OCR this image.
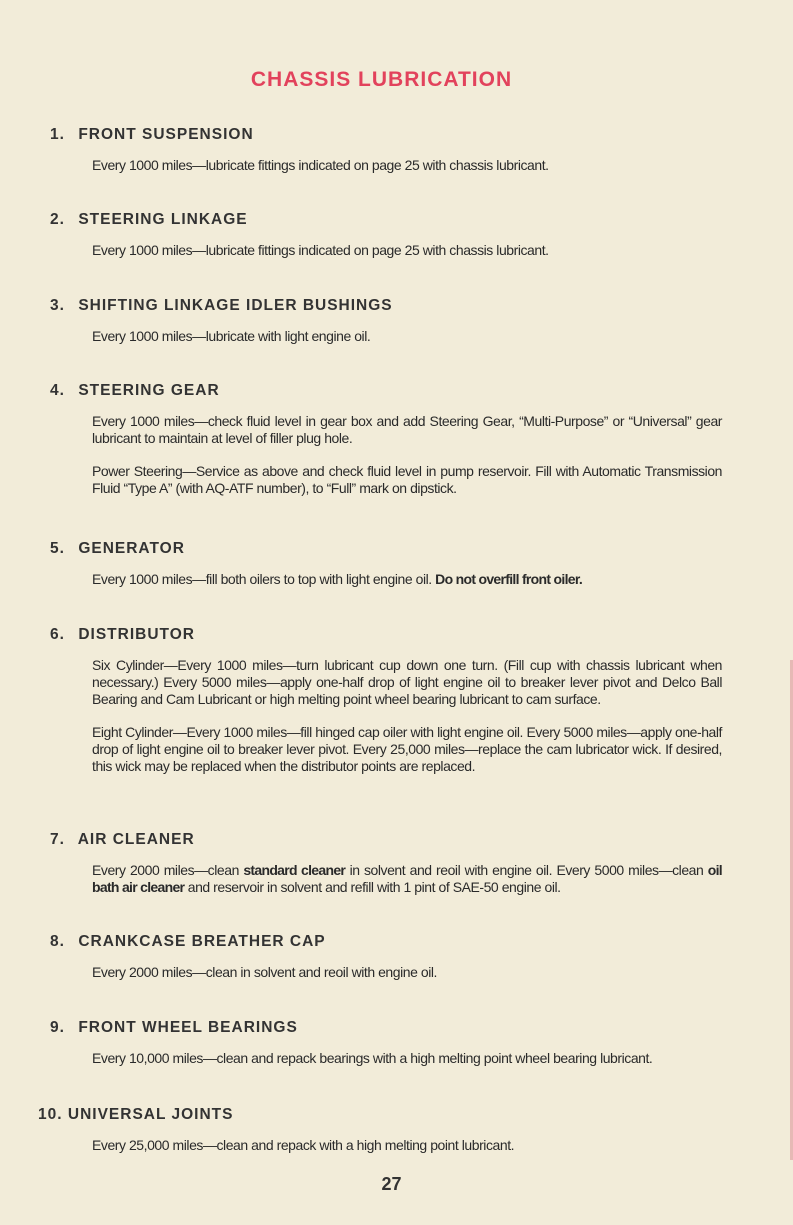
CHASSIS LUBRICATION
1. FRONT SUSPENSION
Every 1000 miles—lubricate fittings indicated on page 25 with chassis lubricant.
2. STEERING LINKAGE
Every 1000 miles—lubricate fittings indicated on page 25 with chassis lubricant.
3. SHIFTING LINKAGE IDLER BUSHINGS
Every 1000 miles—lubricate with light engine oil.
4. STEERING GEAR
Every 1000 miles—check fluid level in gear box and add Steering Gear, “Multi-Purpose” or “Universal” gear lubricant to maintain at level of filler plug hole.
Power Steering—Service as above and check fluid level in pump reservoir. Fill with Automatic Transmission Fluid “Type A” (with AQ-ATF number), to “Full” mark on dipstick.
5. GENERATOR
Every 1000 miles—fill both oilers to top with light engine oil. Do not overfill front oiler.
6. DISTRIBUTOR
Six Cylinder—Every 1000 miles—turn lubricant cup down one turn. (Fill cup with chassis lubricant when necessary.) Every 5000 miles—apply one-half drop of light engine oil to breaker lever pivot and Delco Ball Bearing and Cam Lubricant or high melting point wheel bearing lubricant to cam surface.
Eight Cylinder—Every 1000 miles—fill hinged cap oiler with light engine oil. Every 5000 miles—apply one-half drop of light engine oil to breaker lever pivot. Every 25,000 miles—replace the cam lubricator wick. If desired, this wick may be replaced when the distributor points are replaced.
7. AIR CLEANER
Every 2000 miles—clean standard cleaner in solvent and reoil with engine oil. Every 5000 miles—clean oil bath air cleaner and reservoir in solvent and refill with 1 pint of SAE-50 engine oil.
8. CRANKCASE BREATHER CAP
Every 2000 miles—clean in solvent and reoil with engine oil.
9. FRONT WHEEL BEARINGS
Every 10,000 miles—clean and repack bearings with a high melting point wheel bearing lubricant.
10. UNIVERSAL JOINTS
Every 25,000 miles—clean and repack with a high melting point lubricant.
27
